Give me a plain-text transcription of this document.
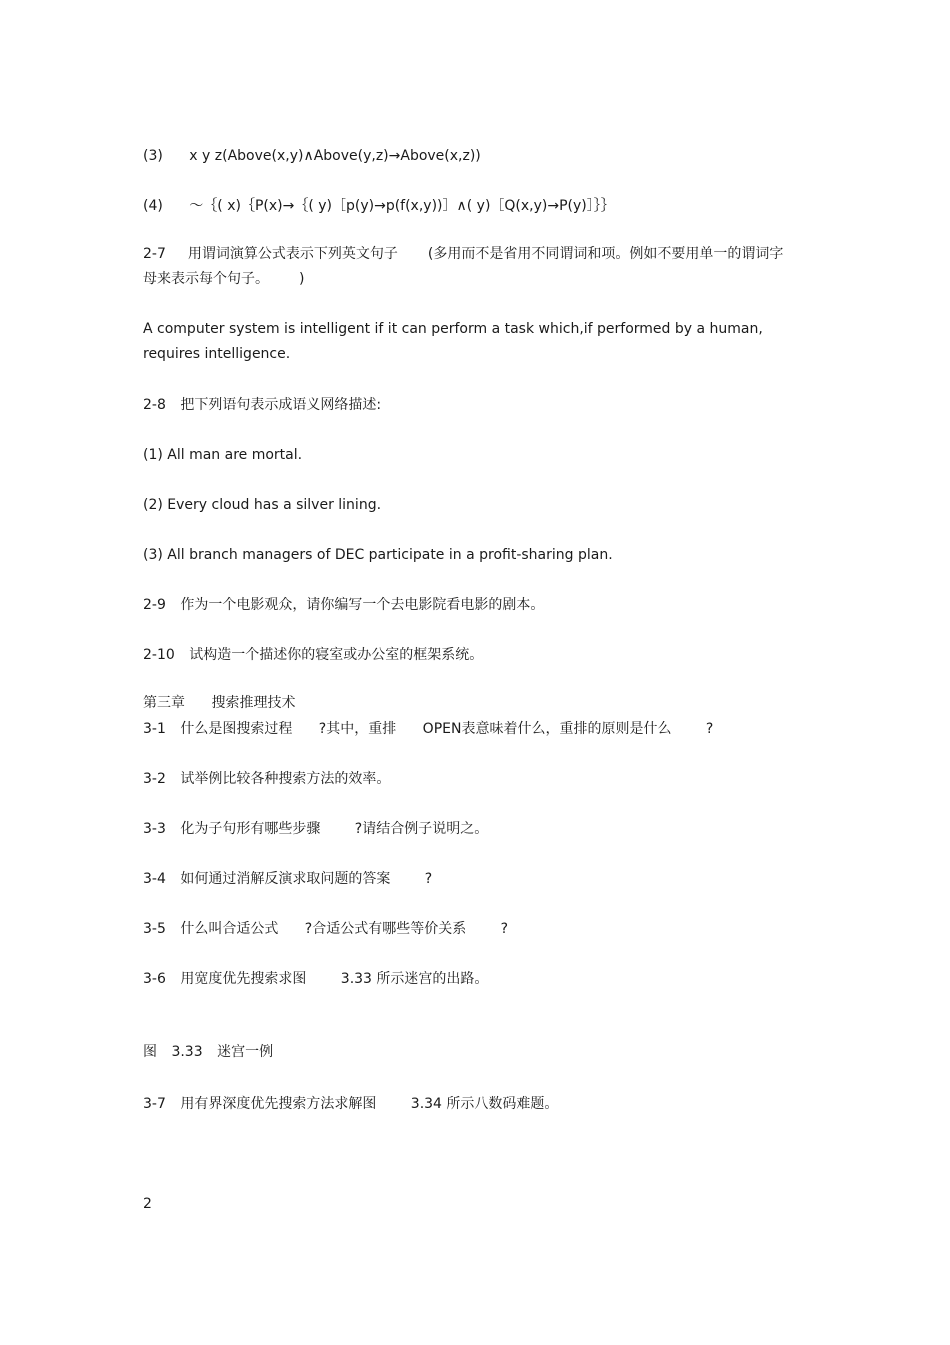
(3) x y z(Above(x,y)∧Above(y,z)→Above(x,z))
(4) ～｛( x)｛P(x)→｛( y)［p(y)→p(f(x,y))］∧( y)［Q(x,y)→P(y)］｝｝
2-7 用谓词演算公式表示下列英文句子 (多用而不是省用不同谓词和项。例如不要用单一的谓词字母来表示每个句子。 )
A computer system is intelligent if it can perform a task which,if performed by a human, requires intelligence.
2-8 把下列语句表示成语义网络描述:
(1) All man are mortal.
(2) Every cloud has a silver lining.
(3) All branch managers of DEC participate in a profit-sharing plan.
2-9 作为一个电影观众，请你编写一个去电影院看电影的剧本。
2-10 试构造一个描述你的寝室或办公室的框架系统。
第三章 搜索推理技术
3-1 什么是图搜索过程 ?其中，重排 OPEN表意味着什么，重排的原则是什么 ?
3-2 试举例比较各种搜索方法的效率。
3-3 化为子句形有哪些步骤 ?请结合例子说明之。
3-4 如何通过消解反演求取问题的答案 ?
3-5 什么叫合适公式 ?合适公式有哪些等价关系 ?
3-6 用宽度优先搜索求图 3.33 所示迷宫的出路。
图 3.33 迷宫一例
3-7 用有界深度优先搜索方法求解图 3.34 所示八数码难题。
2
